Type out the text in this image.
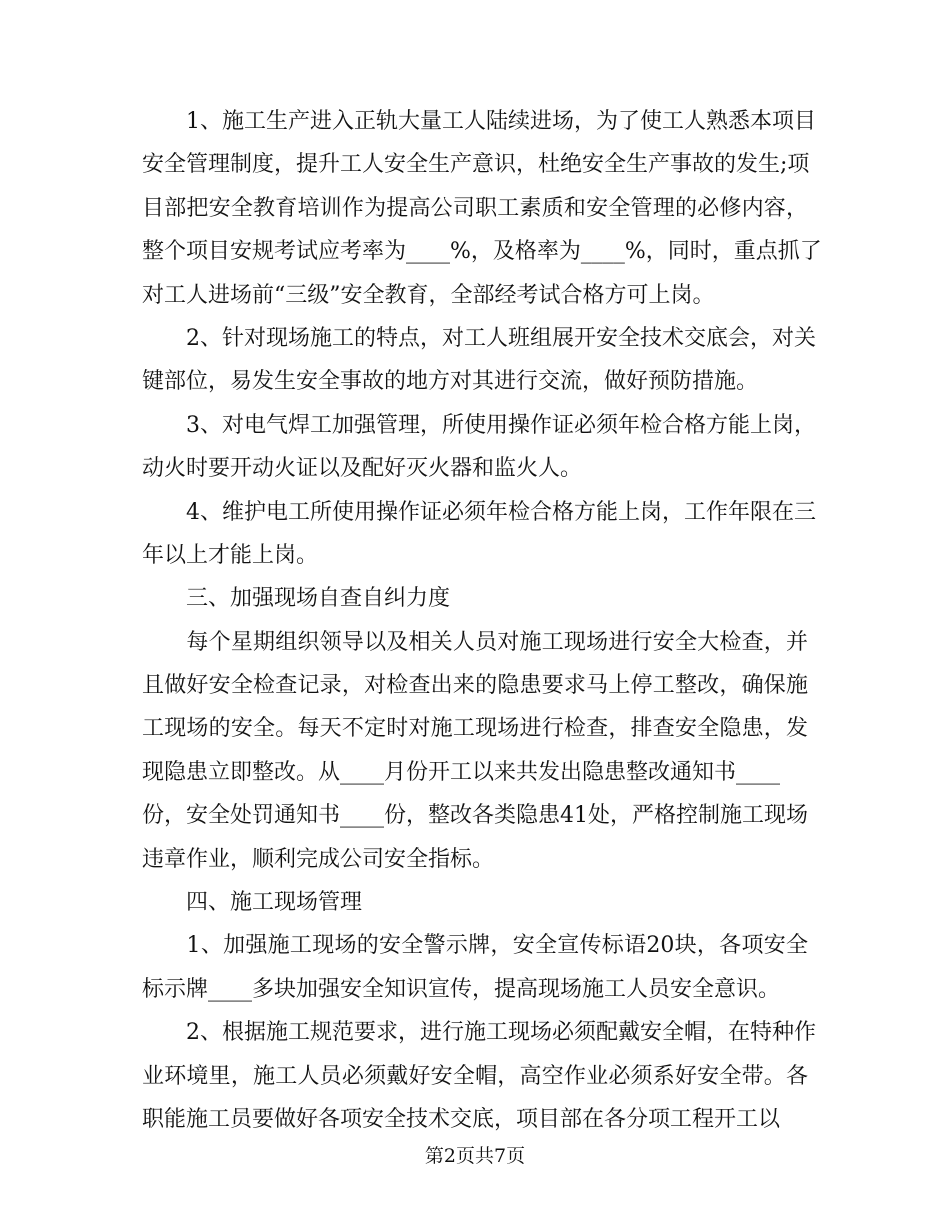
　　1、施工生产进入正轨大量工人陆续进场，为了使工人熟悉本项目
安全管理制度，提升工人安全生产意识，杜绝安全生产事故的发生;项
目部把安全教育培训作为提高公司职工素质和安全管理的必修内容，
整个项目安规考试应考率为____%，及格率为____%，同时，重点抓了
对工人进场前“三级”安全教育，全部经考试合格方可上岗。
　　2、针对现场施工的特点，对工人班组展开安全技术交底会，对关
键部位，易发生安全事故的地方对其进行交流，做好预防措施。
　　3、对电气焊工加强管理，所使用操作证必须年检合格方能上岗，
动火时要开动火证以及配好灭火器和监火人。
　　4、维护电工所使用操作证必须年检合格方能上岗，工作年限在三
年以上才能上岗。
　　三、加强现场自查自纠力度
　　每个星期组织领导以及相关人员对施工现场进行安全大检查，并
且做好安全检查记录，对检查出来的隐患要求马上停工整改，确保施
工现场的安全。每天不定时对施工现场进行检查，排查安全隐患，发
现隐患立即整改。从____月份开工以来共发出隐患整改通知书____
份，安全处罚通知书____份，整改各类隐患41处，严格控制施工现场
违章作业，顺利完成公司安全指标。
　　四、施工现场管理
　　1、加强施工现场的安全警示牌，安全宣传标语20块，各项安全
标示牌____多块加强安全知识宣传，提高现场施工人员安全意识。
　　2、根据施工规范要求，进行施工现场必须配戴安全帽，在特种作
业环境里，施工人员必须戴好安全帽，高空作业必须系好安全带。各
职能施工员要做好各项安全技术交底，项目部在各分项工程开工以
第2页共7页
